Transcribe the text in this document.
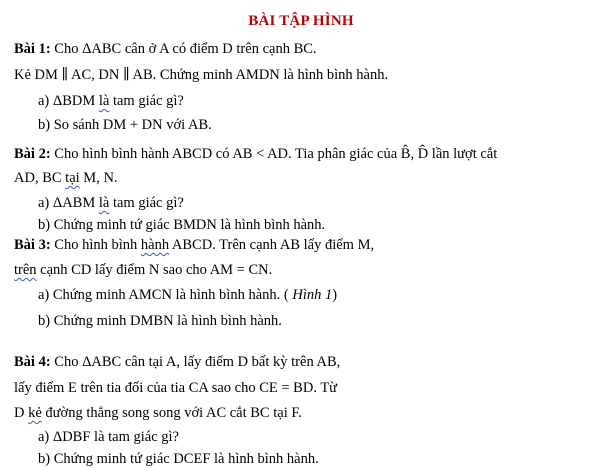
BÀI TẬP HÌNH
Bài 1: Cho ΔABC cân ở A có điểm D trên cạnh BC.
Kẻ DM ∥ AC, DN ∥ AB. Chứng minh AMDN là hình bình hành.
a) ΔBDM là tam giác gì?
b) So sánh DM + DN với AB.
Bài 2: Cho hình bình hành ABCD có AB < AD. Tia phân giác của B̂, D̂ lần lượt cắt
AD, BC tại M, N.
a) ΔABM là tam giác gì?
b) Chứng minh tứ giác BMDN là hình bình hành.
Bài 3: Cho hình bình hành ABCD. Trên cạnh AB lấy điểm M,
trên cạnh CD lấy điểm N sao cho AM = CN.
a) Chứng minh AMCN là hình bình hành. ( Hình 1)
b) Chứng minh DMBN là hình bình hành.
Bài 4: Cho ΔABC cân tại A, lấy điểm D bất kỳ trên AB,
lấy điểm E trên tia đối của tia CA sao cho CE = BD. Từ
D kẻ đường thẳng song song với AC cắt BC tại F.
a) ΔDBF là tam giác gì?
b) Chứng minh tứ giác DCEF là hình bình hành.
